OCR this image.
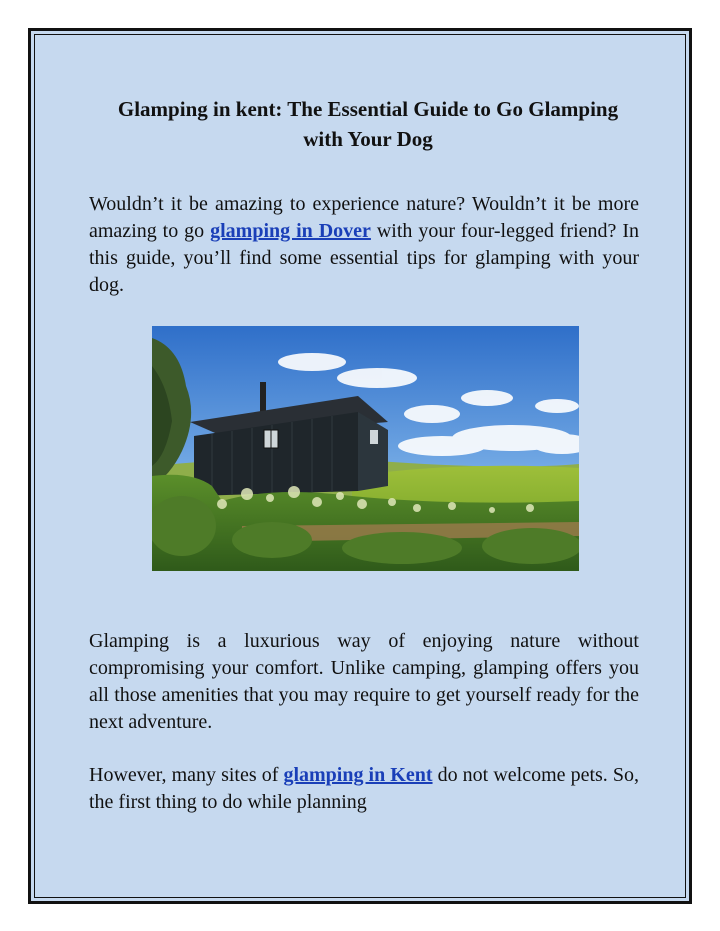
Glamping in kent: The Essential Guide to Go Glamping with Your Dog

Wouldn’t it be amazing to experience nature? Wouldn’t it be more amazing to go glamping in Dover with your four-legged friend? In this guide, you’ll find some essential tips for glamping with your dog.

Glamping is a luxurious way of enjoying nature without compromising your comfort. Unlike camping, glamping offers you all those amenities that you may require to get yourself ready for the next adventure.

However, many sites of glamping in Kent do not welcome pets. So, the first thing to do while planning
